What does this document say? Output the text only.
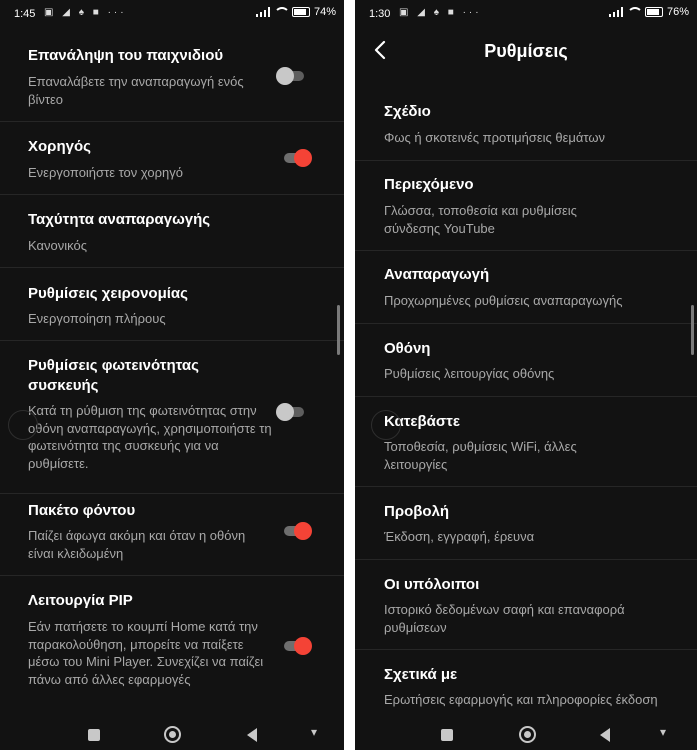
1:45 ▣ ◢ ♠ ■ ···	74%
Επανάληψη του παιχνιδιού
Επαναλάβετε την αναπαραγωγή ενός βίντεο
Χορηγός
Ενεργοποιήστε τον χορηγό
Ταχύτητα αναπαραγωγής
Κανονικός
Ρυθμίσεις χειρονομίας
Ενεργοποίηση πλήρους
Ρυθμίσεις φωτεινότητας συσκευής
Κατά τη ρύθμιση της φωτεινότητας στην οθόνη αναπαραγωγής, χρησιμοποιήστε τη φωτεινότητα της συσκευής για να ρυθμίσετε.
Πακέτο φόντου
Παίζει άφωγα ακόμη και όταν η οθόνη είναι κλειδωμένη
Λειτουργία PIP
Εάν πατήσετε το κουμπί Home κατά την παρακολούθηση, μπορείτε να παίξετε μέσω του Mini Player. Συνεχίζει να παίζει πάνω από άλλες εφαρμογές
▾
1:30 ▣ ◢ ♠ ■ ···	76%
Ρυθμίσεις
Σχέδιο
Φως ή σκοτεινές προτιμήσεις θεμάτων
Περιεχόμενο
Γλώσσα, τοποθεσία και ρυθμίσεις σύνδεσης YouTube
Αναπαραγωγή
Προχωρημένες ρυθμίσεις αναπαραγωγής
Οθόνη
Ρυθμίσεις λειτουργίας οθόνης
Κατεβάστε
Τοποθεσία, ρυθμίσεις WiFi, άλλες λειτουργίες
Προβολή
Έκδοση, εγγραφή, έρευνα
Οι υπόλοιποι
Ιστορικό δεδομένων σαφή και επαναφορά ρυθμίσεων
Σχετικά με
Ερωτήσεις εφαρμογής και πληροφορίες έκδοση
▾
